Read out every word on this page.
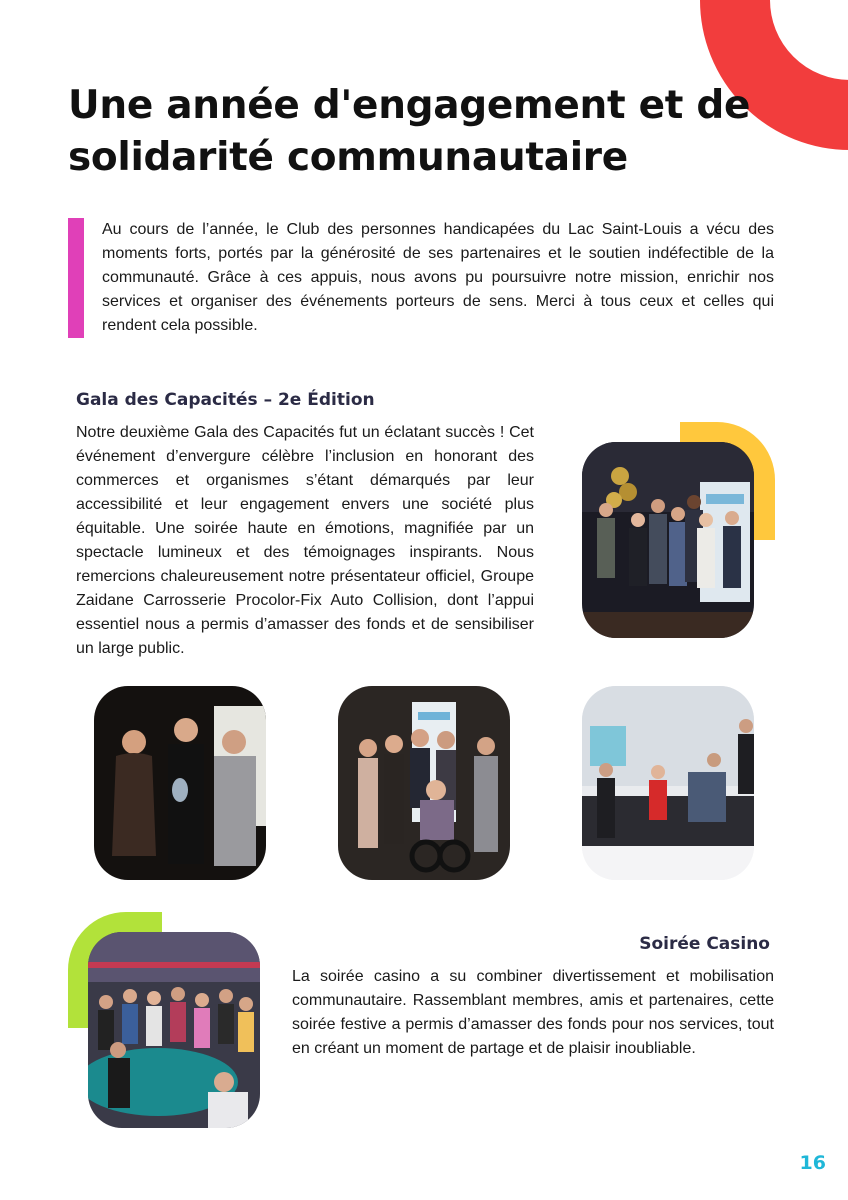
Une année d'engagement et de solidarité communautaire

Au cours de l’année, le Club des personnes handicapées du Lac Saint-Louis a vécu des moments forts, portés par la générosité de ses partenaires et le soutien indéfectible de la communauté. Grâce à ces appuis, nous avons pu poursuivre notre mission, enrichir nos services et organiser des événements porteurs de sens. Merci à tous ceux et celles qui rendent cela possible.

Gala des Capacités – 2e Édition

Notre deuxième Gala des Capacités fut un éclatant succès ! Cet événement d’envergure célèbre l’inclusion en honorant des commerces et organismes s’étant démarqués par leur accessibilité et leur engagement envers une société plus équitable. Une soirée haute en émotions, magnifiée par un spectacle lumineux et des témoignages inspirants. Nous remercions chaleureusement notre présentateur officiel, Groupe Zaidane Carrosserie Procolor-Fix Auto Collision, dont l’appui essentiel nous a permis d’amasser des fonds et de sensibiliser un large public.

Soirée Casino

La soirée casino a su combiner divertissement et mobilisation communautaire. Rassemblant membres, amis et partenaires, cette soirée festive a permis d’amasser des fonds pour nos services, tout en créant un moment de partage et de plaisir inoubliable.

16
